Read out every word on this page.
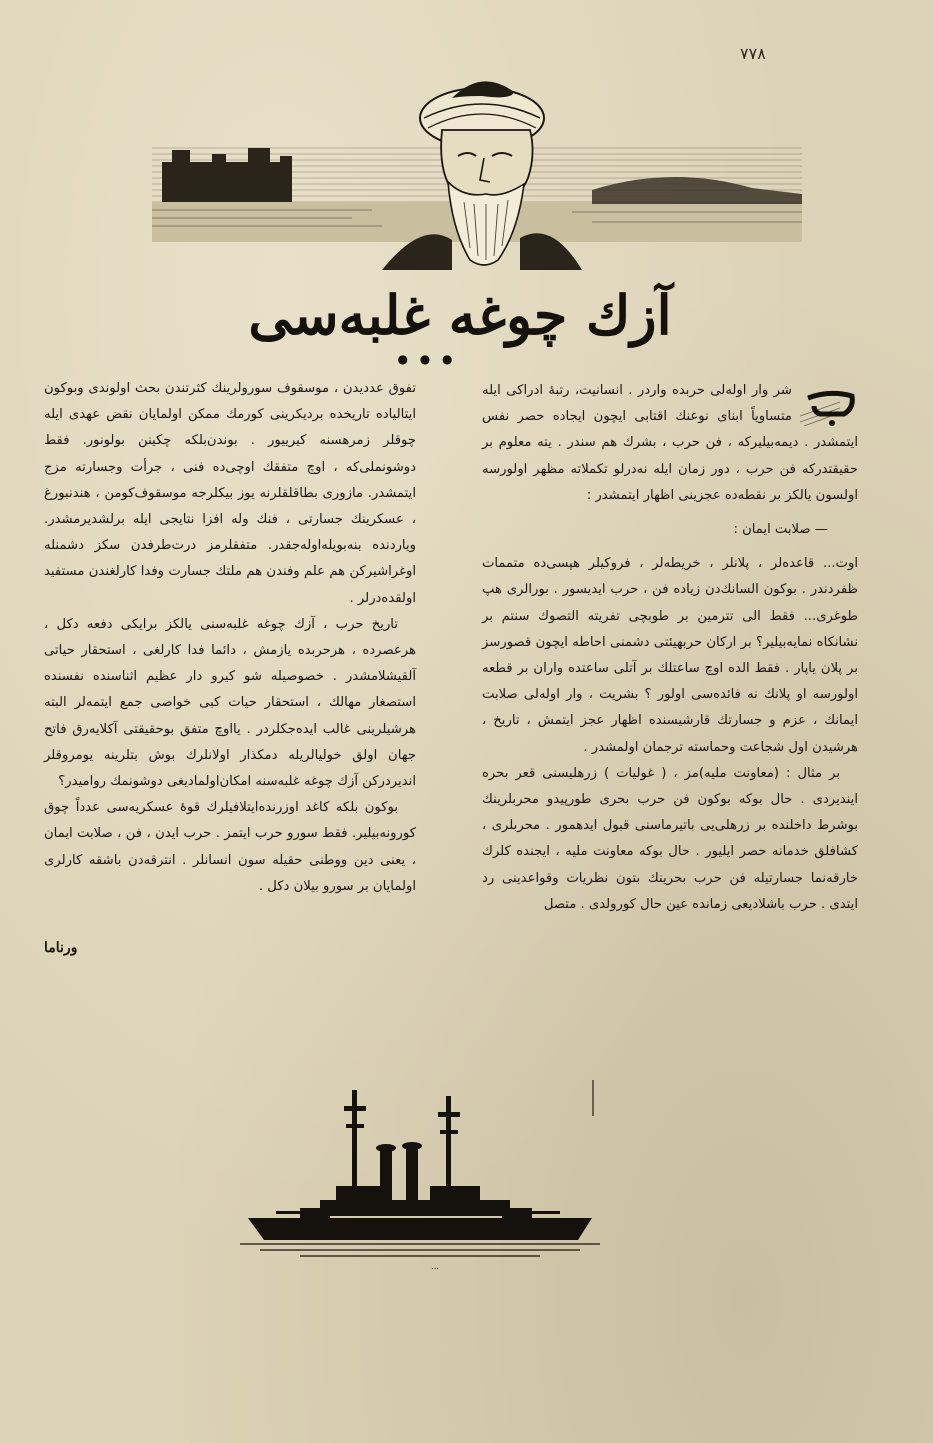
٧٧٨
آزك چوغه غلبه‌سی
● ● ●

شر وار اوله‌لی حربده واردر . انسانیت، رتبهٔ ادراکی ایله متساویاً ابنای نوعنك اقتابی ایچون ایجاده حصر نفس ایتمشدر . دیمه‌بیلیرکه ، فن حرب ، بشرك هم سندر . یته معلوم بر حقیقتدرکه فن حرب ، دور زمان ایله نه‌درلو تکملاته مظهر اولورسه اولسون یالکز بر نقطه‌ده عجزینی اظهار ایتمشدر :

— صلابت ایمان :

اوت... قاعده‌لر ، پلانلر ، خریطه‌لر ، فروکیلر هپسی‌ده متممات ظفردندر . بوکون السانك‌دن زیاده فن ، حرب ایدیسور . بورالری هپ طوغری... فقط الی تترمین بر طوبچی تفریته التصوك سنتم بر نشانکاه نمایه‌بیلیر؟ بر ارکان حربهیئتی دشمنی احاطه ایچون قصورسز بر پلان یاپار . فقط الده اوچ ساعتلك بر آتلی ساعتده واران بر قطعه اولورسه او پلانك نه فائده‌سی اولور ؟ بشریت ، وار اوله‌لی صلابت ایمانك ، عزم و جسارتك قارشیسنده اظهار عجز ایتمش ، تاریخ ، هرشیدن اول شجاعت وحماسته ترجمان اولمشدر .

بر مثال : (معاونت ملیه)مز ، ( غولیات ) زرهلیسنی قعر بحره ایندیردی . حال بوکه بوکون فن حرب بحری طورپیدو محربلرینك بوشرط داخلنده بر زرهلی‌یی باتیرماسنی قبول ایدهمور . محربلری ، کشافلق خدمانه حصر ایلیور . حال بوکه معاونت ملیه ، ایجنده کلرك خارقه‌نما جسارتیله فن حرب بحرینك بتون نظریات وقواعدینی رد ایتدی . حرب باشلادیغی زمانده عین حال کورولدی . متصل

تفوق عددیدن ، موسقوف سورولرینك کثرتندن بحث اولوندی وبوکون ایتالیاده تاریخده بردیکرینی کورمك ممکن اولمایان نقض عهدی ایله چوقلر زمرهسنه کیرییور . بوندن‌بلکه چکینن بولونور. فقط دوشونملی‌که ، اوچ متفقك اوچی‌ده فنی ، جرأت وجسارته مزج ایتمشدر. مازوری بطاقلقلرنه یوز بیکلرجه موسقوف‌کومن ، هندنبورغ ، عسکرینك جسارتی ، فنك وله افزا نتایجی ایله برلشدیرمشدر. ویاردنده بنه‌بویله‌اوله‌جقدر. متفقلرمز درت‌طرفدن سکز دشمنله اوغراشیرکن هم علم وفندن هم ملتك جسارت وفدا کارلغندن مستفید اولقده‌درلر .

تاریخ حرب ، آزك چوغه غلبه‌سنی یالکز برایکی دفعه دکل ، هرعصرده ، هرحربده یازمش ، دائما فدا کارلغی ، استحقار حیاتی آلقیشلامشدر . خصوصیله شو کیرو دار عظیم اثناسنده نفسنده استصغار مهالك ، استحقار حیات کبی خواصی جمع ایتمه‌لر البته هرشیلرینی غالب ایده‌جکلردر . یااوچ متفق بوحقیقتی آکلایه‌رق فاتح جهان اولق خولیالریله دمکذار اولانلرك بوش بتلرینه یومروقلر اندیردرکن آزك چوغه غلبه‌سنه امکان‌اولمادیغی دوشونمك روامیدر؟

بوکون بلکه کاغد اوزرنده‌ایتلافیلرك قوهٔ عسکریه‌سی عدداً چوق کورونه‌بیلیر. فقط سورو حرب ایتمز . حرب ایدن ، فن ، صلابت ایمان ، یعنی دین ووطنی حقیله سون انسانلر . انترقه‌دن باشقه کارلری اولمایان بر سورو بیلان دکل .

ورنا‌ما
…
